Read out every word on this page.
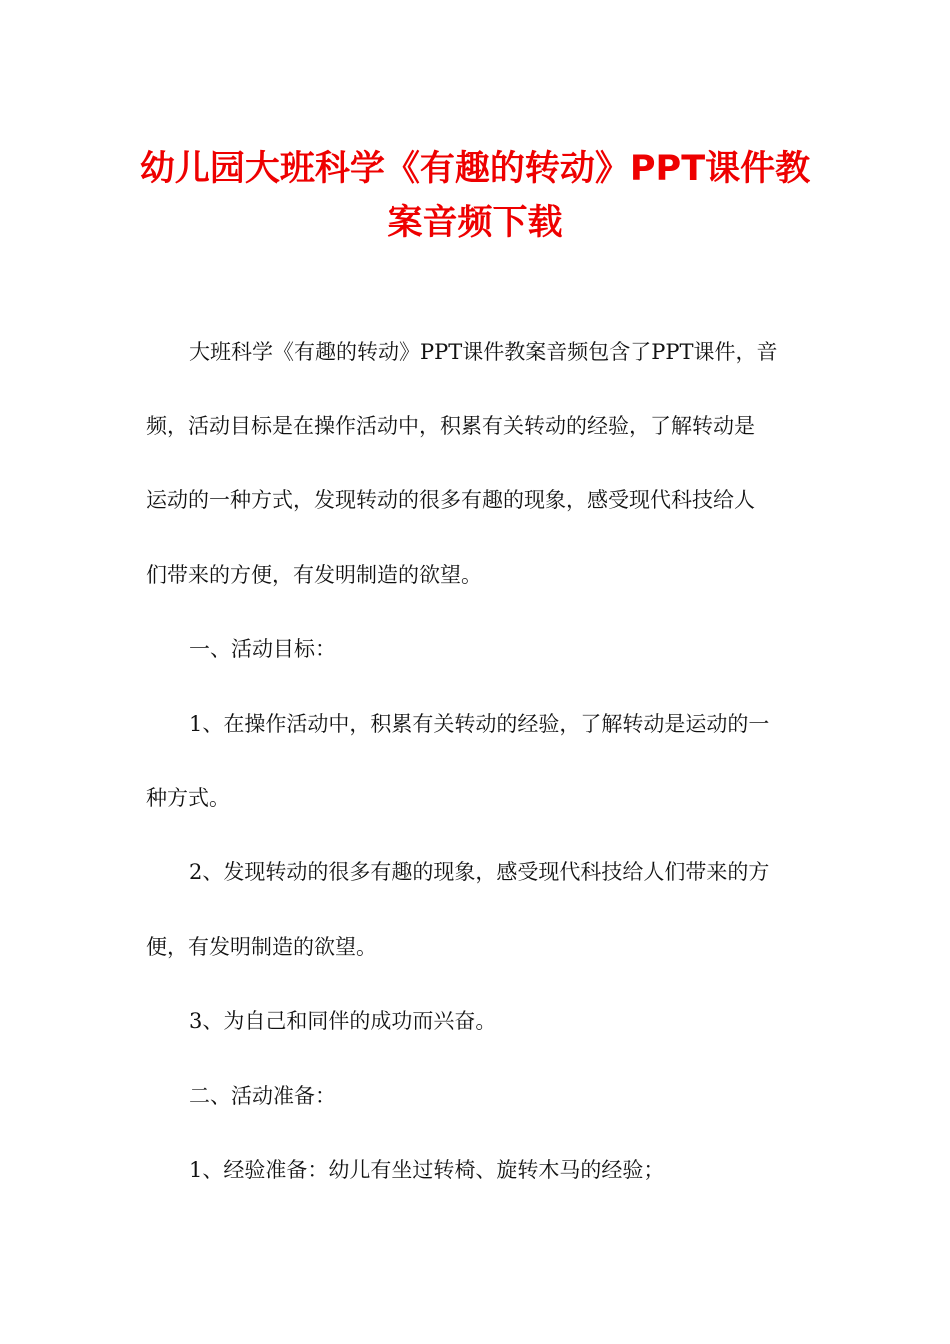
幼儿园大班科学《有趣的转动》PPT课件教
案音频下载

大班科学《有趣的转动》PPT课件教案音频包含了PPT课件，音

频，活动目标是在操作活动中，积累有关转动的经验，了解转动是

运动的一种方式，发现转动的很多有趣的现象，感受现代科技给人

们带来的方便，有发明制造的欲望。

一、活动目标：

1、在操作活动中，积累有关转动的经验，了解转动是运动的一

种方式。

2、发现转动的很多有趣的现象，感受现代科技给人们带来的方

便，有发明制造的欲望。

3、为自己和同伴的成功而兴奋。

二、活动准备：

1、经验准备：幼儿有坐过转椅、旋转木马的经验；
